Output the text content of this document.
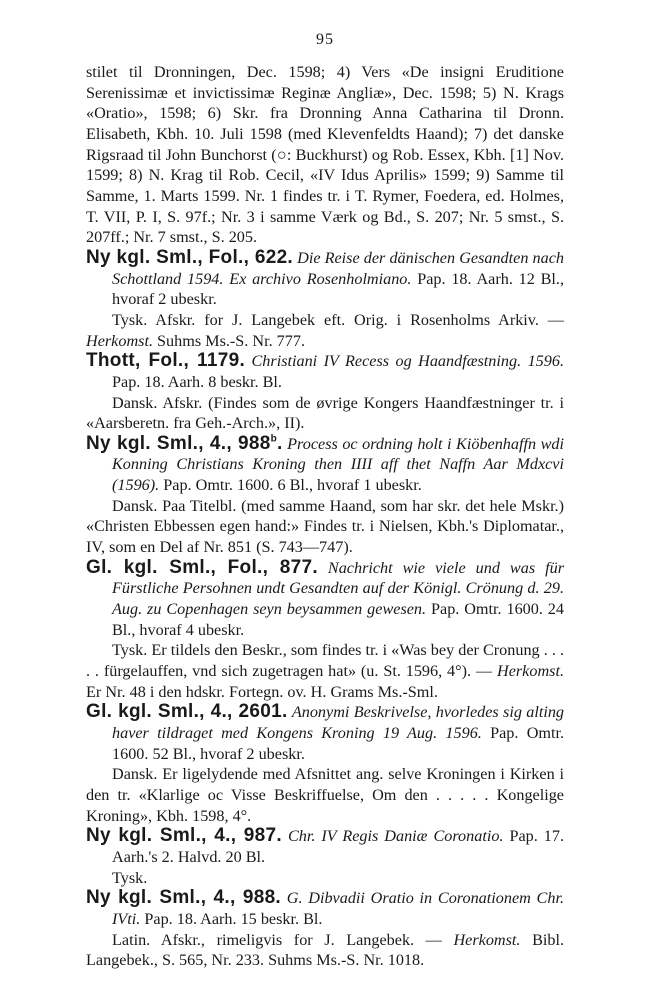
95

stilet til Dronningen, Dec. 1598; 4) Vers «De insigni Eruditione Serenissimæ et invictissimæ Reginæ Angliæ», Dec. 1598; 5) N. Krags «Oratio», 1598; 6) Skr. fra Dronning Anna Catharina til Dronn. Elisabeth, Kbh. 10. Juli 1598 (med Klevenfeldts Haand); 7) det danske Rigsraad til John Bunchorst (○: Buckhurst) og Rob. Essex, Kbh. [1] Nov. 1599; 8) N. Krag til Rob. Cecil, «IV Idus Aprilis» 1599; 9) Samme til Samme, 1. Marts 1599. Nr. 1 findes tr. i T. Rymer, Foedera, ed. Holmes, T. VII, P. I, S. 97f.; Nr. 3 i samme Værk og Bd., S. 207; Nr. 5 smst., S. 207ff.; Nr. 7 smst., S. 205.

Ny kgl. Sml., Fol., 622. Die Reise der dänischen Gesandten nach Schottland 1594. Ex archivo Rosenholmiano. Pap. 18. Aarh. 12 Bl., hvoraf 2 ubeskr.

Tysk. Afskr. for J. Langebek eft. Orig. i Rosenholms Arkiv. — Herkomst. Suhms Ms.-S. Nr. 777.

Thott, Fol., 1179. Christiani IV Recess og Haandfæstning. 1596. Pap. 18. Aarh. 8 beskr. Bl.

Dansk. Afskr. (Findes som de øvrige Kongers Haandfæstninger tr. i «Aarsberetn. fra Geh.-Arch.», II).

Ny kgl. Sml., 4., 988$^b$. Process oc ordning holt i Kiöbenhaffn wdi Konning Christians Kroning then IIII aff thet Naffn Aar Mdxcvi (1596). Pap. Omtr. 1600. 6 Bl., hvoraf 1 ubeskr.

Dansk. Paa Titelbl. (med samme Haand, som har skr. det hele Mskr.) «Christen Ebbessen egen hand:» Findes tr. i Nielsen, Kbh.'s Diplomatar., IV, som en Del af Nr. 851 (S. 743—747).

Gl. kgl. Sml., Fol., 877. Nachricht wie viele und was für Fürstliche Persohnen undt Gesandten auf der Königl. Crönung d. 29. Aug. zu Copenhagen seyn beysammen gewesen. Pap. Omtr. 1600. 24 Bl., hvoraf 4 ubeskr.

Tysk. Er tildels den Beskr., som findes tr. i «Was bey der Cronung . . . . . fürgelauffen, vnd sich zugetragen hat» (u. St. 1596, 4°). — Herkomst. Er Nr. 48 i den hdskr. Fortegn. ov. H. Grams Ms.-Sml.

Gl. kgl. Sml., 4., 2601. Anonymi Beskrivelse, hvorledes sig alting haver tildraget med Kongens Kroning 19 Aug. 1596. Pap. Omtr. 1600. 52 Bl., hvoraf 2 ubeskr.

Dansk. Er ligelydende med Afsnittet ang. selve Kroningen i Kirken i den tr. «Klarlige oc Visse Beskriffuelse, Om den . . . . . Kongelige Kroning», Kbh. 1598, 4°.

Ny kgl. Sml., 4., 987. Chr. IV Regis Daniæ Coronatio. Pap. 17. Aarh.'s 2. Halvd. 20 Bl.

Tysk.

Ny kgl. Sml., 4., 988. G. Dibvadii Oratio in Coronationem Chr. IVti. Pap. 18. Aarh. 15 beskr. Bl.

Latin. Afskr., rimeligvis for J. Langebek. — Herkomst. Bibl. Langebek., S. 565, Nr. 233. Suhms Ms.-S. Nr. 1018.
